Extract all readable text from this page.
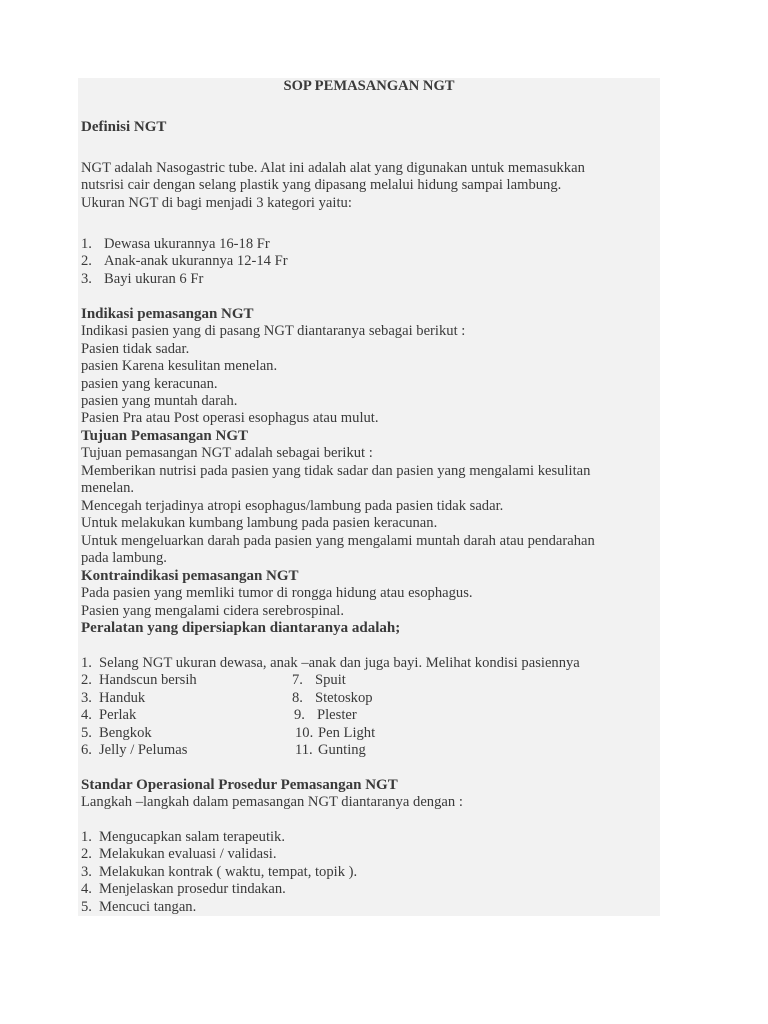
SOP PEMASANGAN NGT
Definisi NGT
NGT adalah Nasogastric tube. Alat ini adalah alat yang digunakan untuk memasukkan
nutsrisi cair dengan selang plastik yang dipasang melalui hidung sampai lambung.
Ukuran NGT di bagi menjadi 3 kategori yaitu:
1. Dewasa ukurannya 16-18 Fr
2. Anak-anak ukurannya 12-14 Fr
3. Bayi ukuran 6 Fr
Indikasi pemasangan NGT
Indikasi pasien yang di pasang NGT diantaranya sebagai berikut :
Pasien tidak sadar.
pasien Karena kesulitan menelan.
pasien yang keracunan.
pasien yang muntah darah.
Pasien Pra atau Post operasi esophagus atau mulut.
Tujuan Pemasangan NGT
Tujuan pemasangan NGT adalah sebagai berikut :
Memberikan nutrisi pada pasien yang tidak sadar dan pasien yang mengalami kesulitan
menelan.
Mencegah terjadinya atropi esophagus/lambung pada pasien tidak sadar.
Untuk melakukan kumbang lambung pada pasien keracunan.
Untuk mengeluarkan darah pada pasien yang mengalami muntah darah atau pendarahan
pada lambung.
Kontraindikasi pemasangan NGT
Pada pasien yang memliki tumor di rongga hidung atau esophagus.
Pasien yang mengalami cidera serebrospinal.
Peralatan yang dipersiapkan diantaranya adalah;
1. Selang NGT ukuran dewasa, anak –anak dan juga bayi. Melihat kondisi pasiennya
2. Handscun bersih	7. Spuit
3. Handuk	8. Stetoskop
4. Perlak	9. Plester
5. Bengkok	10. Pen Light
6. Jelly / Pelumas	11. Gunting
Standar Operasional Prosedur Pemasangan NGT
Langkah –langkah dalam pemasangan NGT diantaranya dengan :
1. Mengucapkan salam terapeutik.
2. Melakukan evaluasi / validasi.
3. Melakukan kontrak ( waktu, tempat, topik ).
4. Menjelaskan prosedur tindakan.
5. Mencuci tangan.
